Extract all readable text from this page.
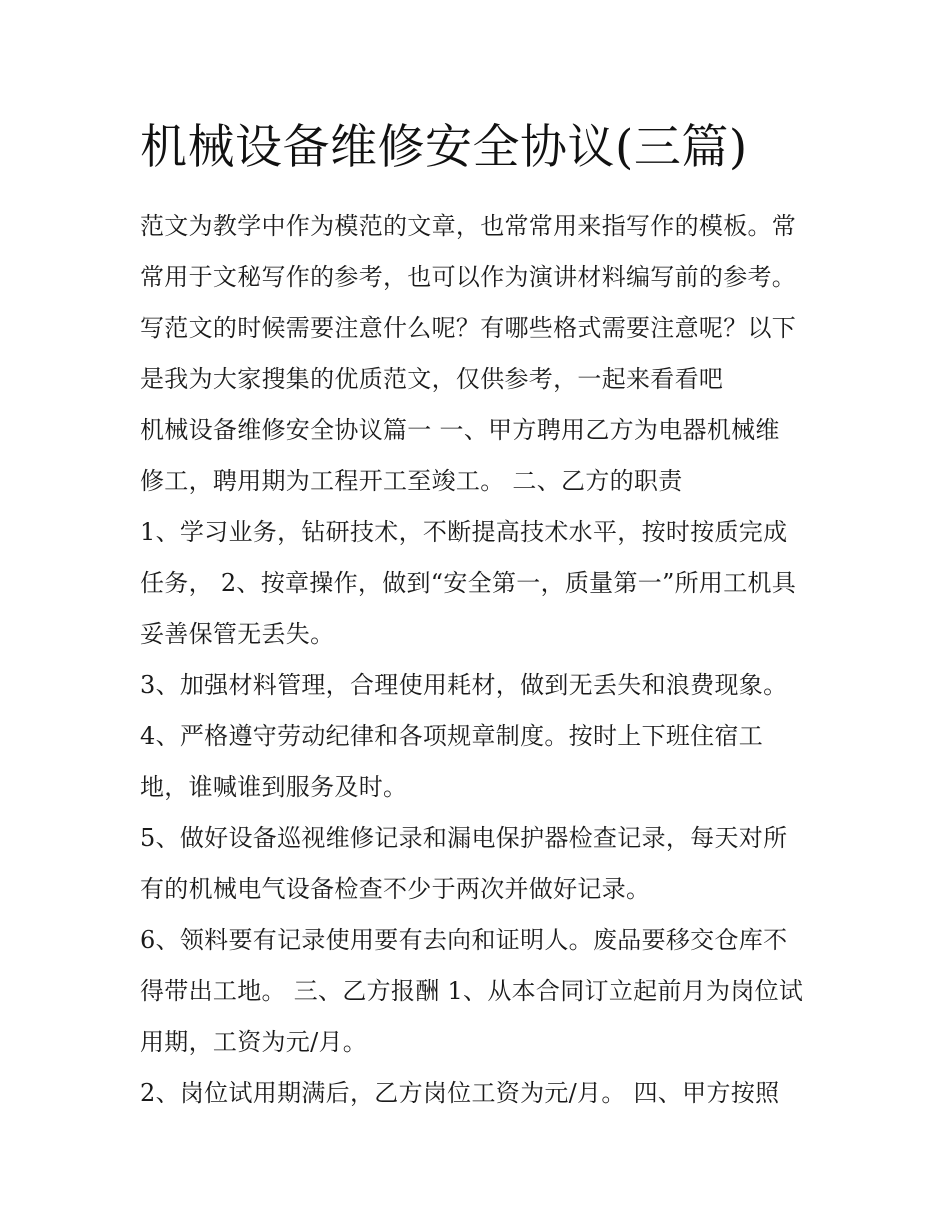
机械设备维修安全协议(三篇)
范文为教学中作为模范的文章，也常常用来指写作的模板。常
常用于文秘写作的参考，也可以作为演讲材料编写前的参考。
写范文的时候需要注意什么呢？有哪些格式需要注意呢？以下
是我为大家搜集的优质范文，仅供参考，一起来看看吧
机械设备维修安全协议篇一 一、甲方聘用乙方为电器机械维
修工，聘用期为工程开工至竣工。 二、乙方的职责
1、学习业务，钻研技术，不断提高技术水平，按时按质完成
任务， 2、按章操作，做到“安全第一，质量第一”所用工机具
妥善保管无丢失。
3、加强材料管理，合理使用耗材，做到无丢失和浪费现象。
4、严格遵守劳动纪律和各项规章制度。按时上下班住宿工
地，谁喊谁到服务及时。
5、做好设备巡视维修记录和漏电保护器检查记录，每天对所
有的机械电气设备检查不少于两次并做好记录。
6、领料要有记录使用要有去向和证明人。废品要移交仓库不
得带出工地。 三、乙方报酬 1、从本合同订立起前月为岗位试
用期，工资为元/月。
2、岗位试用期满后，乙方岗位工资为元/月。 四、甲方按照
